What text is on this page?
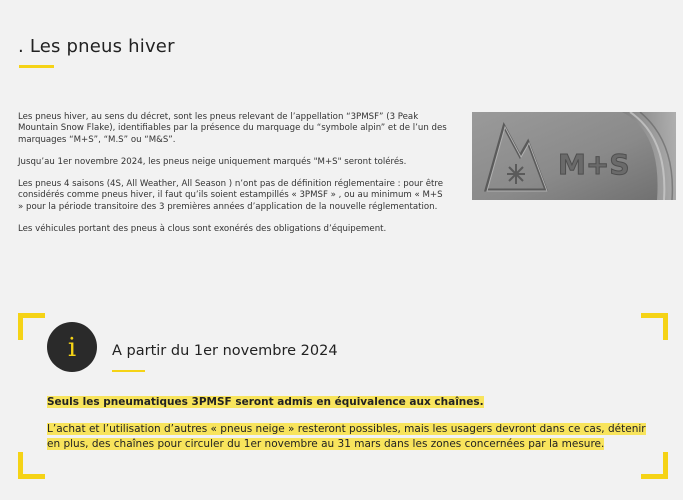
. Les pneus hiver

Les pneus hiver, au sens du décret, sont les pneus relevant de l’appellation “3PMSF” (3 Peak Mountain Snow Flake), identifiables par la présence du marquage du “symbole alpin” et de l’un des marquages “M+S”, “M.S” ou “M&S”.

Jusqu’au 1er novembre 2024, les pneus neige uniquement marqués "M+S" seront tolérés.

Les pneus 4 saisons (4S, All Weather, All Season ) n’ont pas de définition réglementaire : pour être considérés comme pneus hiver, il faut qu’ils soient estampillés « 3PMSF » , ou au minimum « M+S » pour la période transitoire des 3 premières années d’application de la nouvelle réglementation.

Les véhicules portant des pneus à clous sont exonérés des obligations d’équipement.

M+S
i A partir du 1er novembre 2024

Seuls les pneumatiques 3PMSF seront admis en équivalence aux chaînes.

L’achat et l’utilisation d’autres « pneus neige » resteront possibles, mais les usagers devront dans ce cas, détenir en plus, des chaînes pour circuler du 1er novembre au 31 mars dans les zones concernées par la mesure.
